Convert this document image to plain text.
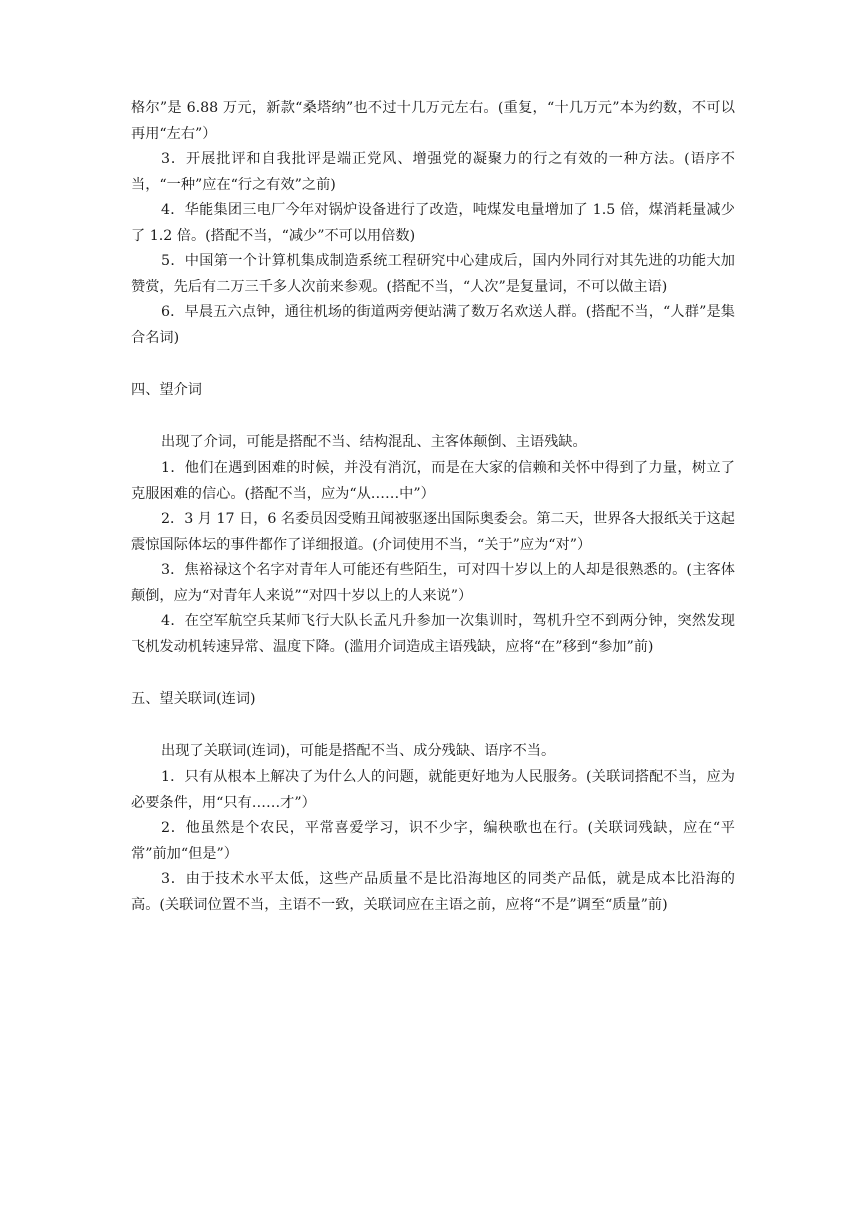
格尔”是 6.88 万元，新款“桑塔纳”也不过十几万元左右。(重复，“十几万元”本为约数，不可以再用“左右”）

3．开展批评和自我批评是端正党风、增强党的凝聚力的行之有效的一种方法。(语序不当，“一种”应在“行之有效”之前)

4．华能集团三电厂今年对锅炉设备进行了改造，吨煤发电量增加了 1.5 倍，煤消耗量减少了 1.2 倍。(搭配不当，“减少”不可以用倍数)

5．中国第一个计算机集成制造系统工程研究中心建成后，国内外同行对其先进的功能大加赞赏，先后有二万三千多人次前来参观。(搭配不当，“人次”是复量词，不可以做主语)

6．早晨五六点钟，通往机场的街道两旁便站满了数万名欢送人群。(搭配不当，“人群”是集合名词)

四、望介词

出现了介词，可能是搭配不当、结构混乱、主客体颠倒、主语残缺。

1．他们在遇到困难的时候，并没有消沉，而是在大家的信赖和关怀中得到了力量，树立了克服困难的信心。(搭配不当，应为“从……中”）

2．3 月 17 日，6 名委员因受贿丑闻被驱逐出国际奥委会。第二天，世界各大报纸关于这起震惊国际体坛的事件都作了详细报道。(介词使用不当，“关于”应为“对”）

3．焦裕禄这个名字对青年人可能还有些陌生，可对四十岁以上的人却是很熟悉的。(主客体颠倒，应为“对青年人来说”“对四十岁以上的人来说”）

4．在空军航空兵某师飞行大队长孟凡升参加一次集训时，驾机升空不到两分钟，突然发现飞机发动机转速异常、温度下降。(滥用介词造成主语残缺，应将“在”移到“参加”前)

五、望关联词(连词)

出现了关联词(连词)，可能是搭配不当、成分残缺、语序不当。

1．只有从根本上解决了为什么人的问题，就能更好地为人民服务。(关联词搭配不当，应为必要条件，用“只有……才”）

2．他虽然是个农民，平常喜爱学习，识不少字，编秧歌也在行。(关联词残缺，应在“平常”前加“但是”）

3．由于技术水平太低，这些产品质量不是比沿海地区的同类产品低，就是成本比沿海的高。(关联词位置不当，主语不一致，关联词应在主语之前，应将“不是”调至“质量”前)
